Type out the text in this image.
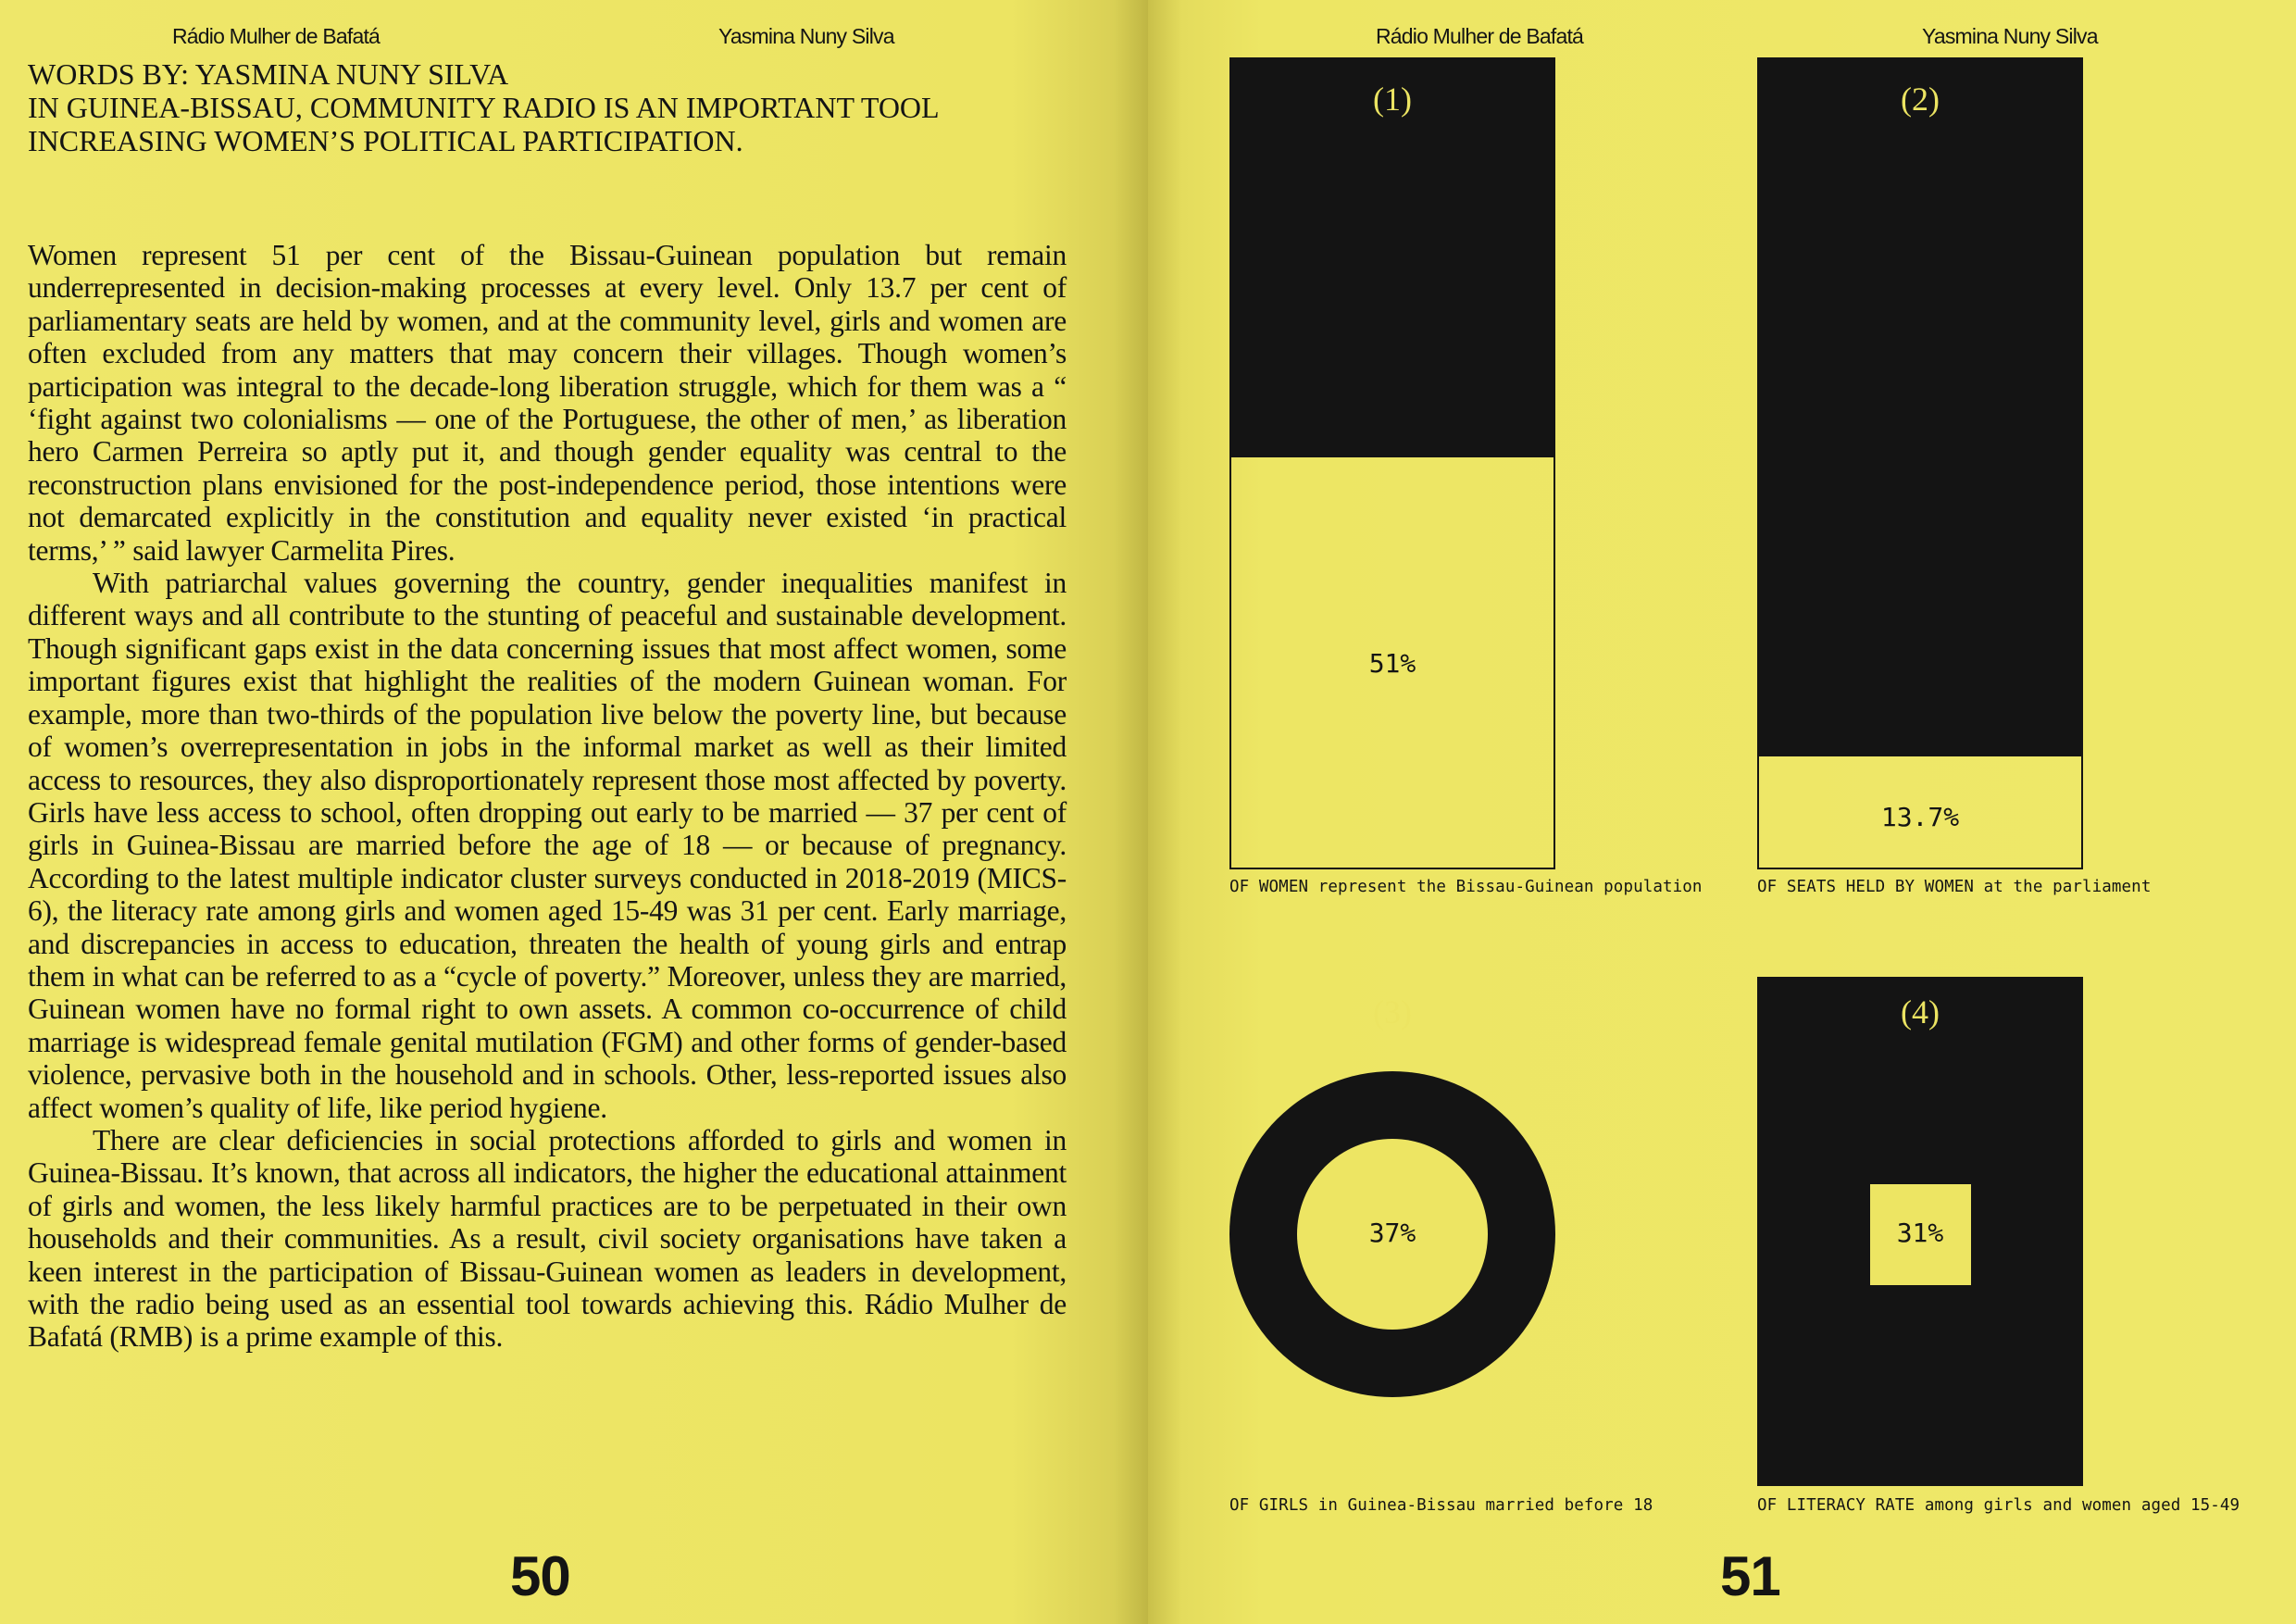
Rádio Mulher de Bafatá	Yasmina Nuny Silva
WORDS BY: YASMINA NUNY SILVA
IN GUINEA-BISSAU, COMMUNITY RADIO IS AN IMPORTANT TOOL
INCREASING WOMEN’S POLITICAL PARTICIPATION.

Women represent 51 per cent of the Bissau-Guinean population but remain underrepresented in decision-making processes at every level. Only 13.7 per cent of parliamentary seats are held by women, and at the community level, girls and women are often excluded from any matters that may concern their villages. Though women’s participation was integral to the decade-long liberation struggle, which for them was a “ ‘fight against two colonialisms — one of the Portuguese, the other of men,’ as liberation hero Carmen Perreira so aptly put it, and though gender equality was central to the reconstruction plans envisioned for the post-independence period, those intentions were not demarcated explicitly in the constitution and equality never existed ‘in practical terms,’ ” said lawyer Carmelita Pires.

With patriarchal values governing the country, gender inequalities manifest in different ways and all contribute to the stunting of peaceful and sustainable development. Though significant gaps exist in the data concerning issues that most affect women, some important figures exist that highlight the realities of the modern Guinean woman. For example, more than two-thirds of the population live below the poverty line, but because of women’s overrepresentation in jobs in the informal market as well as their limited access to resources, they also disproportionately represent those most affected by poverty. Girls have less access to school, often dropping out early to be married — 37 per cent of girls in Guinea-Bissau are married before the age of 18 — or because of pregnancy. According to the latest multiple indicator cluster surveys conducted in 2018-2019 (MICS-6), the literacy rate among girls and women aged 15-49 was 31 per cent. Early marriage, and discrepancies in access to education, threaten the health of young girls and entrap them in what can be referred to as a “cycle of poverty.” Moreover, unless they are married, Guinean women have no formal right to own assets. A common co-occurrence of child marriage is widespread female genital mutilation (FGM) and other forms of gender-based violence, pervasive both in the household and in schools. Other, less-reported issues also affect women’s quality of life, like period hygiene.

There are clear deficiencies in social protections afforded to girls and women in Guinea-Bissau. It’s known, that across all indicators, the higher the educational attainment of girls and women, the less likely harmful practices are to be perpetuated in their own households and their communities. As a result, civil society organisations have taken a keen interest in the participation of Bissau-Guinean women as leaders in development, with the radio being used as an essential tool towards achieving this. Rádio Mulher de Bafatá (RMB) is a prime example of this.

50
Rádio Mulher de Bafatá	Yasmina Nuny Silva
(1)
51%
OF WOMEN represent the Bissau-Guinean population
(2)
13.7%
OF SEATS HELD BY WOMEN at the parliament
(3)
37%
OF GIRLS in Guinea-Bissau married before 18
(4)
31%
OF LITERACY RATE among girls and women aged 15-49
51
